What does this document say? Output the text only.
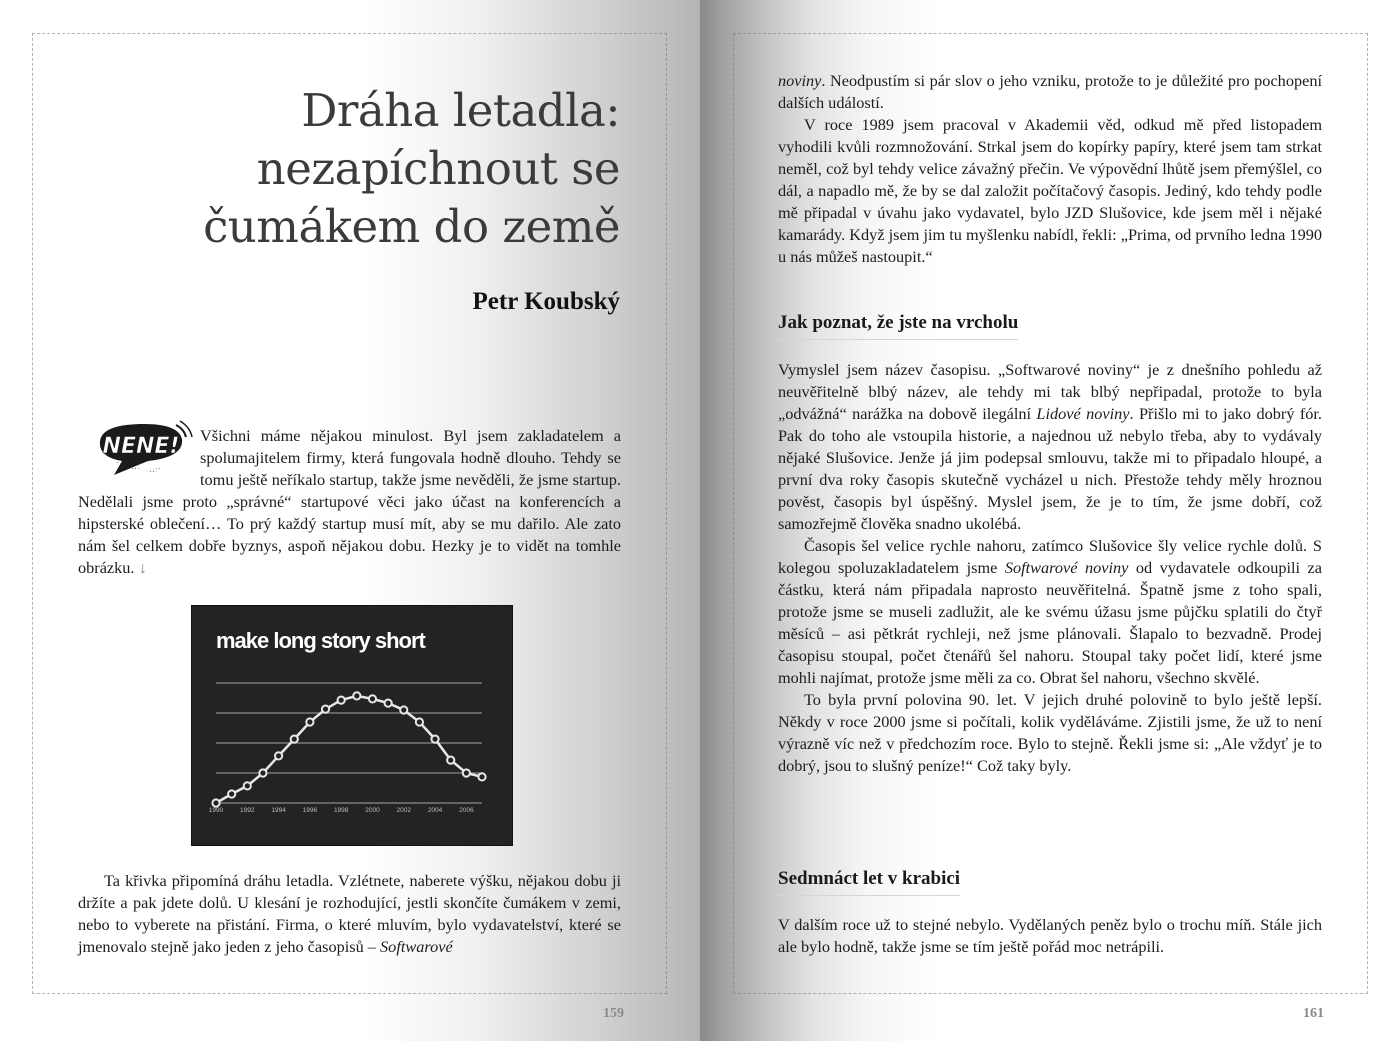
Dráha letadla:
nezapíchnout se
čumákem do země
Petr Koubský
NENE!	Všichni máme nějakou minulost. Byl jsem zakladatelem a spolumajitelem firmy, která fungovala hodně dlouho. Tehdy se tomu ještě neříkalo startup, takže jsme nevěděli, že jsme startup. Nedělali jsme proto „správné“ startupové věci jako účast na konferencích a hipsterské oblečení… To prý každý startup musí mít, aby se mu dařilo. Ale zato nám šel celkem dobře byznys, aspoň nějakou dobu. Hezky je to vidět na tomhle obrázku. ↓

make long story short
1990	1992	1994	1996	1998	2000	2002	2004	2006

Ta křivka připomíná dráhu letadla. Vzlétnete, naberete výšku, nějakou dobu ji držíte a pak jdete dolů. U klesání je rozhodující, jestli skončíte čumákem v zemi, nebo to vyberete na přistání. Firma, o které mluvím, bylo vydavatelství, které se jmenovalo stejně jako jeden z jeho časopisů – Softwarové

159

noviny. Neodpustím si pár slov o jeho vzniku, protože to je důležité pro pochopení dalších událostí.

V roce 1989 jsem pracoval v Akademii věd, odkud mě před listopadem vyhodili kvůli rozmnožování. Strkal jsem do kopírky papíry, které jsem tam strkat neměl, což byl tehdy velice závažný přečin. Ve výpovědní lhůtě jsem přemýšlel, co dál, a napadlo mě, že by se dal založit počítačový časopis. Jediný, kdo tehdy podle mě připadal v úvahu jako vydavatel, bylo JZD Slušovice, kde jsem měl i nějaké kamarády. Když jsem jim tu myšlenku nabídl, řekli: „Prima, od prvního ledna 1990 u nás můžeš nastoupit.“

Jak poznat, že jste na vrcholu

Vymyslel jsem název časopisu. „Softwarové noviny“ je z dnešního pohledu až neuvěřitelně blbý název, ale tehdy mi tak blbý nepřipadal, protože to byla „odvážná“ narážka na dobově ilegální Lidové noviny. Přišlo mi to jako dobrý fór. Pak do toho ale vstoupila historie, a najednou už nebylo třeba, aby to vydávaly nějaké Slušovice. Jenže já jim podepsal smlouvu, takže mi to připadalo hloupé, a první dva roky časopis skutečně vycházel u nich. Přestože tehdy měly hroznou pověst, časopis byl úspěšný. Myslel jsem, že je to tím, že jsme dobří, což samozřejmě člověka snadno ukolébá.

Časopis šel velice rychle nahoru, zatímco Slušovice šly velice rychle dolů. S kolegou spoluzakladatelem jsme Softwarové noviny od vydavatele odkoupili za částku, která nám připadala naprosto neuvěřitelná. Špatně jsme z toho spali, protože jsme se museli zadlužit, ale ke svému úžasu jsme půjčku splatili do čtyř měsíců – asi pětkrát rychleji, než jsme plánovali. Šlapalo to bezvadně. Prodej časopisu stoupal, počet čtenářů šel nahoru. Stoupal taky počet lidí, které jsme mohli najímat, protože jsme měli za co. Obrat šel nahoru, všechno skvělé.

To byla první polovina 90. let. V jejich druhé polovině to bylo ještě lepší. Někdy v roce 2000 jsme si počítali, kolik vyděláváme. Zjistili jsme, že už to není výrazně víc než v předchozím roce. Bylo to stejně. Řekli jsme si: „Ale vždyť je to dobrý, jsou to slušný peníze!“ Což taky byly.

Sedmnáct let v krabici

V dalším roce už to stejné nebylo. Vydělaných peněz bylo o trochu míň. Stále jich ale bylo hodně, takže jsme se tím ještě pořád moc netrápili.

161
